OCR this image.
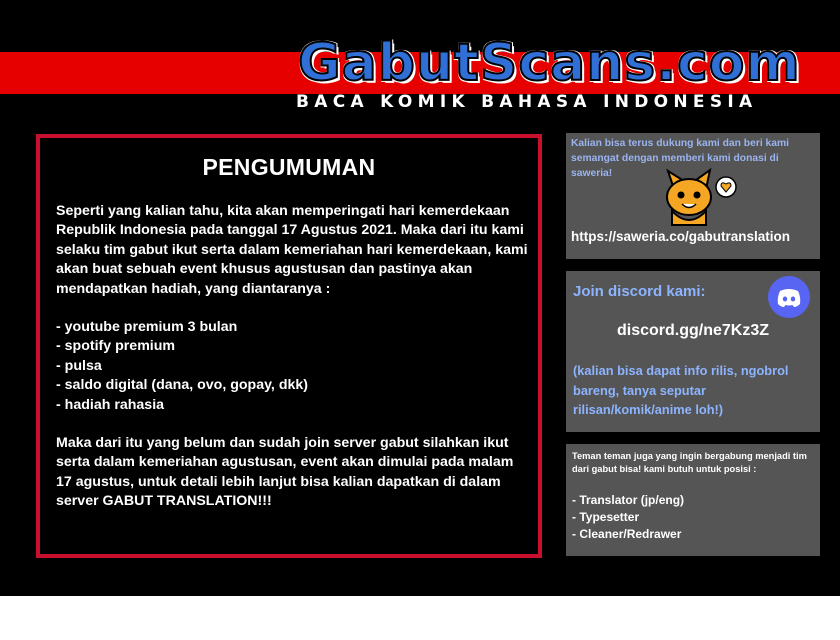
GabutScans.com
BACA KOMIK BAHASA INDONESIA
PENGUMUMAN

Seperti yang kalian tahu, kita akan memperingati hari kemerdekaan Republik Indonesia pada tanggal 17 Agustus 2021. Maka dari itu kami selaku tim gabut ikut serta dalam kemeriahan hari kemerdekaan, kami akan buat sebuah event khusus agustusan dan pastinya akan mendapatkan hadiah, yang diantaranya :

- youtube premium 3 bulan
- spotify premium
- pulsa
- saldo digital (dana, ovo, gopay, dkk)
- hadiah rahasia

Maka dari itu yang belum dan sudah join server gabut silahkan ikut serta dalam kemeriahan agustusan, event akan dimulai pada malam 17 agustus, untuk detali lebih lanjut bisa kalian dapatkan di dalam server GABUT TRANSLATION!!!

Kalian bisa terus dukung kami dan beri kami semangat dengan memberi kami donasi di saweria!
https://saweria.co/gabutranslation
Join discord kami:
discord.gg/ne7Kz3Z
(kalian bisa dapat info rilis, ngobrol bareng, tanya seputar rilisan/komik/anime loh!)
Teman teman juga yang ingin bergabung menjadi tim dari gabut bisa! kami butuh untuk posisi :
- Translator (jp/eng)
- Typesetter
- Cleaner/Redrawer
